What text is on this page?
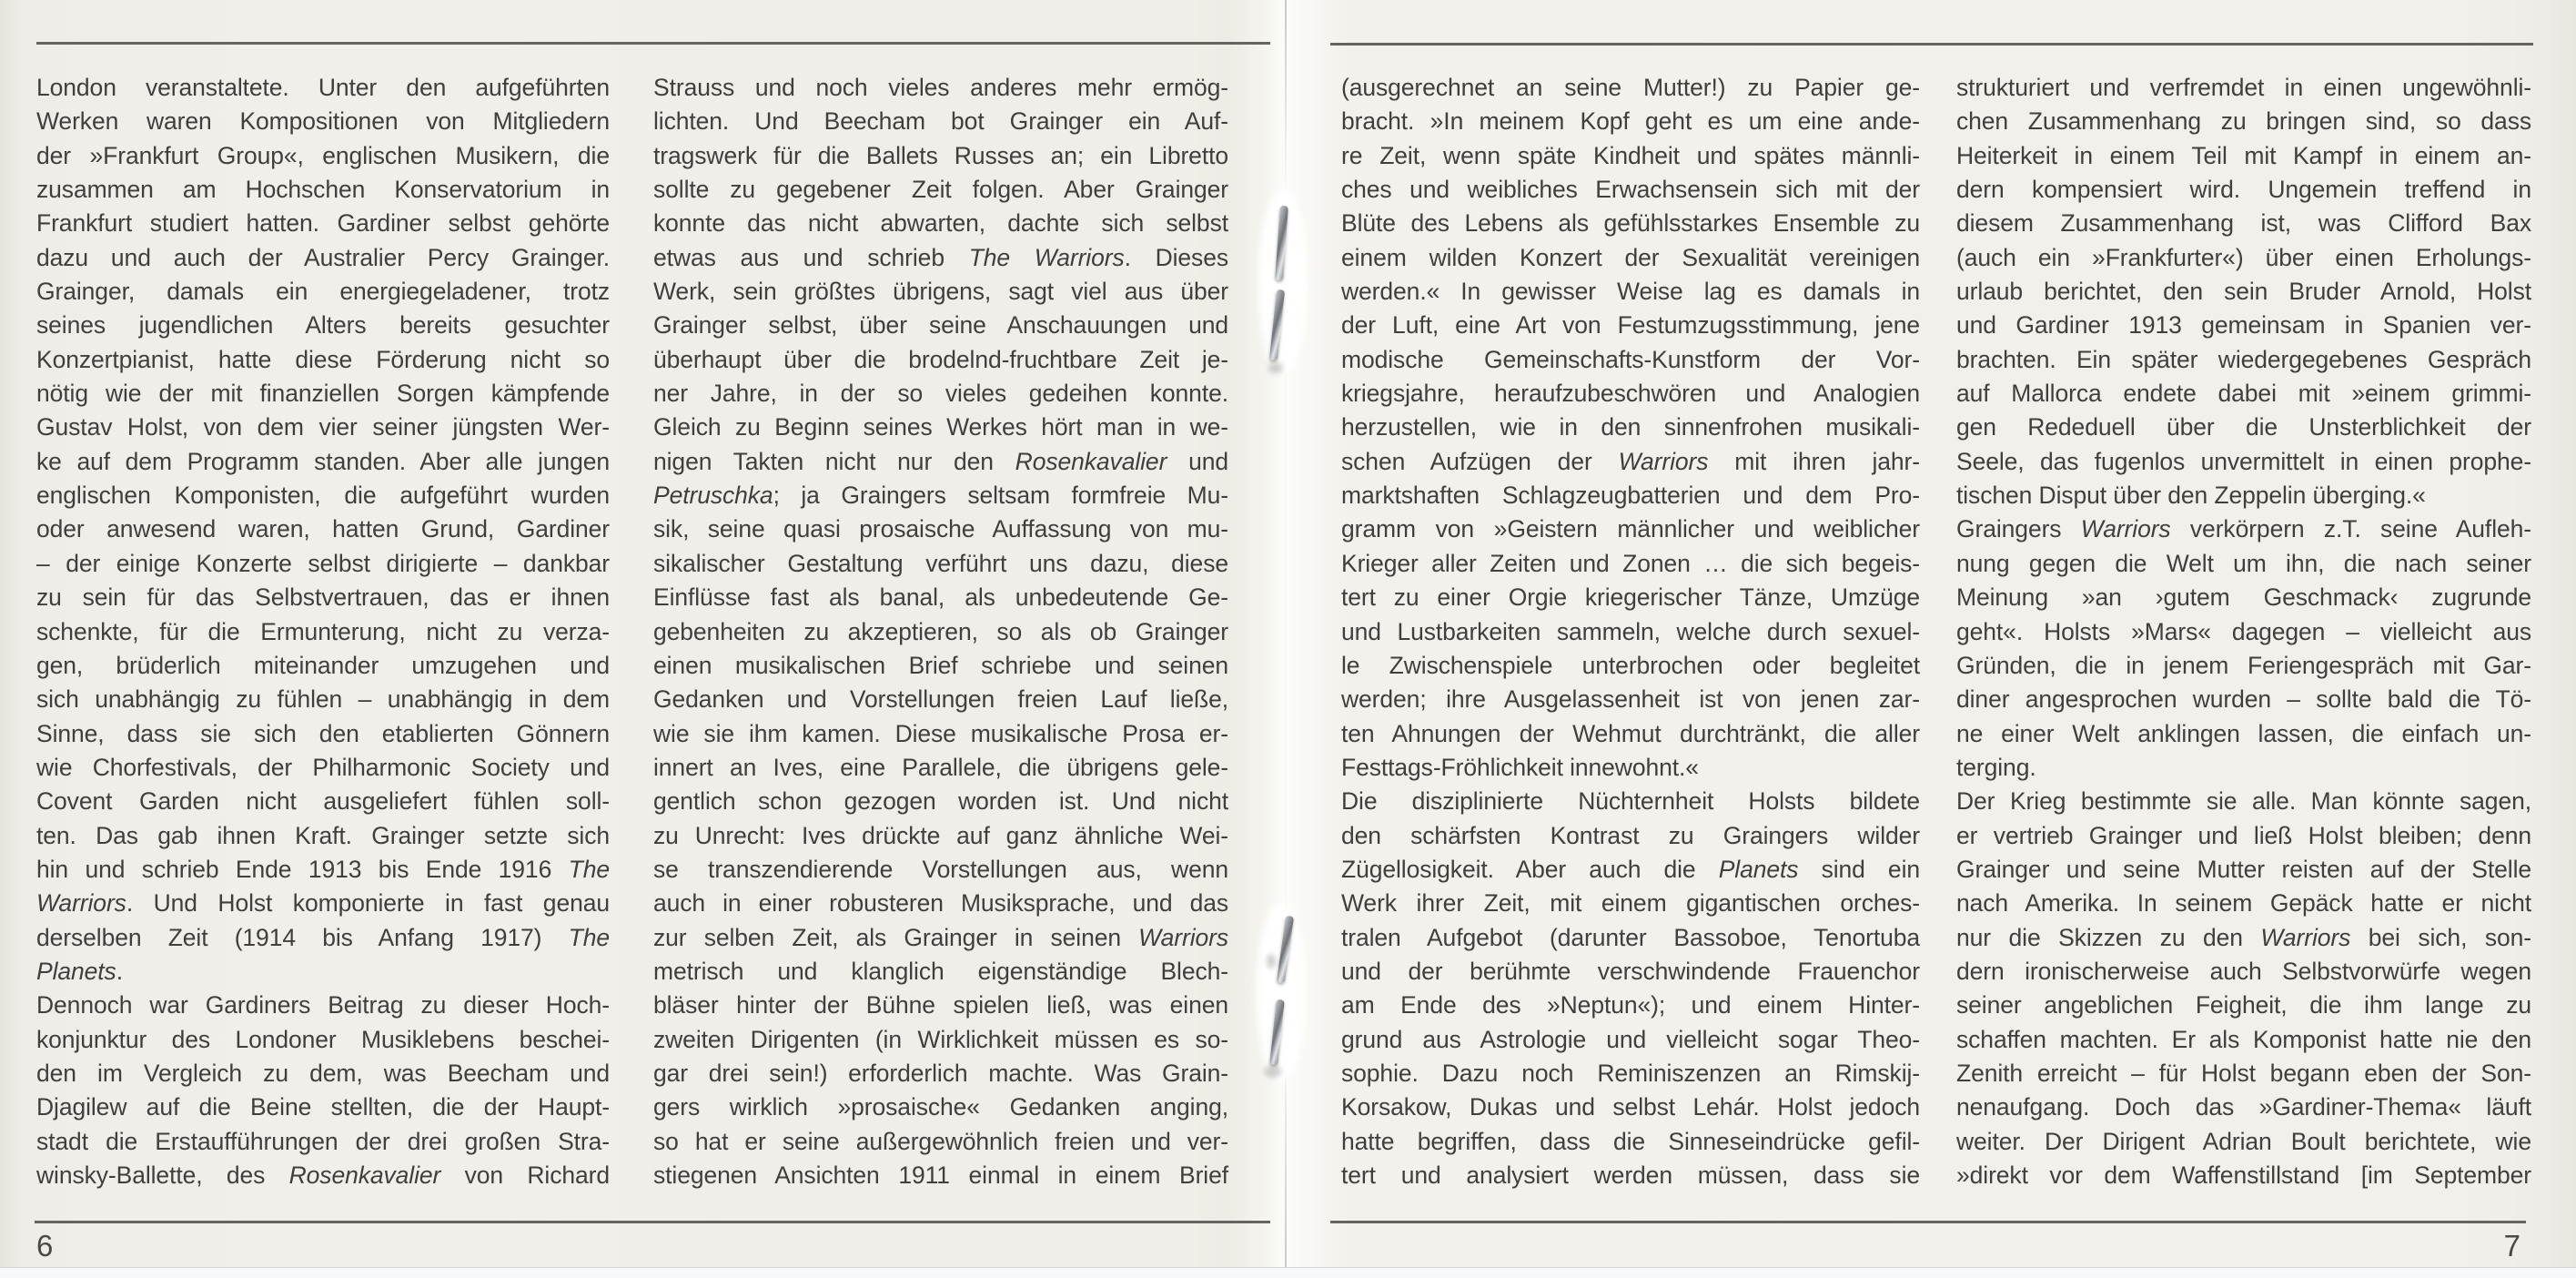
London veranstaltete. Unter den aufgeführten
Werken waren Kompositionen von Mitgliedern
der »Frankfurt Group«, englischen Musikern, die
zusammen am Hochschen Konservatorium in
Frankfurt studiert hatten. Gardiner selbst gehörte
dazu und auch der Australier Percy Grainger.
Grainger, damals ein energiegeladener, trotz
seines jugendlichen Alters bereits gesuchter
Konzertpianist, hatte diese Förderung nicht so
nötig wie der mit finanziellen Sorgen kämpfende
Gustav Holst, von dem vier seiner jüngsten Wer-
ke auf dem Programm standen. Aber alle jungen
englischen Komponisten, die aufgeführt wurden
oder anwesend waren, hatten Grund, Gardiner
– der einige Konzerte selbst dirigierte – dankbar
zu sein für das Selbstvertrauen, das er ihnen
schenkte, für die Ermunterung, nicht zu verza-
gen, brüderlich miteinander umzugehen und
sich unabhängig zu fühlen – unabhängig in dem
Sinne, dass sie sich den etablierten Gönnern
wie Chorfestivals, der Philharmonic Society und
Covent Garden nicht ausgeliefert fühlen soll-
ten. Das gab ihnen Kraft. Grainger setzte sich
hin und schrieb Ende 1913 bis Ende 1916 The
Warriors. Und Holst komponierte in fast genau
derselben Zeit (1914 bis Anfang 1917) The
Planets.
Dennoch war Gardiners Beitrag zu dieser Hoch-
konjunktur des Londoner Musiklebens beschei-
den im Vergleich zu dem, was Beecham und
Djagilew auf die Beine stellten, die der Haupt-
stadt die Erstaufführungen der drei großen Stra-
winsky-Ballette, des Rosenkavalier von Richard
Strauss und noch vieles anderes mehr ermög-
lichten. Und Beecham bot Grainger ein Auf-
tragswerk für die Ballets Russes an; ein Libretto
sollte zu gegebener Zeit folgen. Aber Grainger
konnte das nicht abwarten, dachte sich selbst
etwas aus und schrieb The Warriors. Dieses
Werk, sein größtes übrigens, sagt viel aus über
Grainger selbst, über seine Anschauungen und
überhaupt über die brodelnd-fruchtbare Zeit je-
ner Jahre, in der so vieles gedeihen konnte.
Gleich zu Beginn seines Werkes hört man in we-
nigen Takten nicht nur den Rosenkavalier und
Petruschka; ja Graingers seltsam formfreie Mu-
sik, seine quasi prosaische Auffassung von mu-
sikalischer Gestaltung verführt uns dazu, diese
Einflüsse fast als banal, als unbedeutende Ge-
gebenheiten zu akzeptieren, so als ob Grainger
einen musikalischen Brief schriebe und seinen
Gedanken und Vorstellungen freien Lauf ließe,
wie sie ihm kamen. Diese musikalische Prosa er-
innert an Ives, eine Parallele, die übrigens gele-
gentlich schon gezogen worden ist. Und nicht
zu Unrecht: Ives drückte auf ganz ähnliche Wei-
se transzendierende Vorstellungen aus, wenn
auch in einer robusteren Musiksprache, und das
zur selben Zeit, als Grainger in seinen Warriors
metrisch und klanglich eigenständige Blech-
bläser hinter der Bühne spielen ließ, was einen
zweiten Dirigenten (in Wirklichkeit müssen es so-
gar drei sein!) erforderlich machte. Was Grain-
gers wirklich »prosaische« Gedanken anging,
so hat er seine außergewöhnlich freien und ver-
stiegenen Ansichten 1911 einmal in einem Brief
(ausgerechnet an seine Mutter!) zu Papier ge-
bracht. »In meinem Kopf geht es um eine ande-
re Zeit, wenn späte Kindheit und spätes männli-
ches und weibliches Erwachsensein sich mit der
Blüte des Lebens als gefühlsstarkes Ensemble zu
einem wilden Konzert der Sexualität vereinigen
werden.« In gewisser Weise lag es damals in
der Luft, eine Art von Festumzugsstimmung, jene
modische Gemeinschafts-Kunstform der Vor-
kriegsjahre, heraufzubeschwören und Analogien
herzustellen, wie in den sinnenfrohen musikali-
schen Aufzügen der Warriors mit ihren jahr-
marktshaften Schlagzeugbatterien und dem Pro-
gramm von »Geistern männlicher und weiblicher
Krieger aller Zeiten und Zonen … die sich begeis-
tert zu einer Orgie kriegerischer Tänze, Umzüge
und Lustbarkeiten sammeln, welche durch sexuel-
le Zwischenspiele unterbrochen oder begleitet
werden; ihre Ausgelassenheit ist von jenen zar-
ten Ahnungen der Wehmut durchtränkt, die aller
Festtags-Fröhlichkeit innewohnt.«
Die disziplinierte Nüchternheit Holsts bildete
den schärfsten Kontrast zu Graingers wilder
Zügellosigkeit. Aber auch die Planets sind ein
Werk ihrer Zeit, mit einem gigantischen orches-
tralen Aufgebot (darunter Bassoboe, Tenortuba
und der berühmte verschwindende Frauenchor
am Ende des »Neptun«); und einem Hinter-
grund aus Astrologie und vielleicht sogar Theo-
sophie. Dazu noch Reminiszenzen an Rimskij-
Korsakow, Dukas und selbst Lehár. Holst jedoch
hatte begriffen, dass die Sinneseindrücke gefil-
tert und analysiert werden müssen, dass sie
strukturiert und verfremdet in einen ungewöhnli-
chen Zusammenhang zu bringen sind, so dass
Heiterkeit in einem Teil mit Kampf in einem an-
dern kompensiert wird. Ungemein treffend in
diesem Zusammenhang ist, was Clifford Bax
(auch ein »Frankfurter«) über einen Erholungs-
urlaub berichtet, den sein Bruder Arnold, Holst
und Gardiner 1913 gemeinsam in Spanien ver-
brachten. Ein später wiedergegebenes Gespräch
auf Mallorca endete dabei mit »einem grimmi-
gen Rededuell über die Unsterblichkeit der
Seele, das fugenlos unvermittelt in einen prophe-
tischen Disput über den Zeppelin überging.«
Graingers Warriors verkörpern z.T. seine Aufleh-
nung gegen die Welt um ihn, die nach seiner
Meinung »an ›gutem Geschmack‹ zugrunde
geht«. Holsts »Mars« dagegen – vielleicht aus
Gründen, die in jenem Feriengespräch mit Gar-
diner angesprochen wurden – sollte bald die Tö-
ne einer Welt anklingen lassen, die einfach un-
terging.
Der Krieg bestimmte sie alle. Man könnte sagen,
er vertrieb Grainger und ließ Holst bleiben; denn
Grainger und seine Mutter reisten auf der Stelle
nach Amerika. In seinem Gepäck hatte er nicht
nur die Skizzen zu den Warriors bei sich, son-
dern ironischerweise auch Selbstvorwürfe wegen
seiner angeblichen Feigheit, die ihm lange zu
schaffen machten. Er als Komponist hatte nie den
Zenith erreicht – für Holst begann eben der Son-
nenaufgang. Doch das »Gardiner-Thema« läuft
weiter. Der Dirigent Adrian Boult berichtete, wie
»direkt vor dem Waffenstillstand [im September
6	7
